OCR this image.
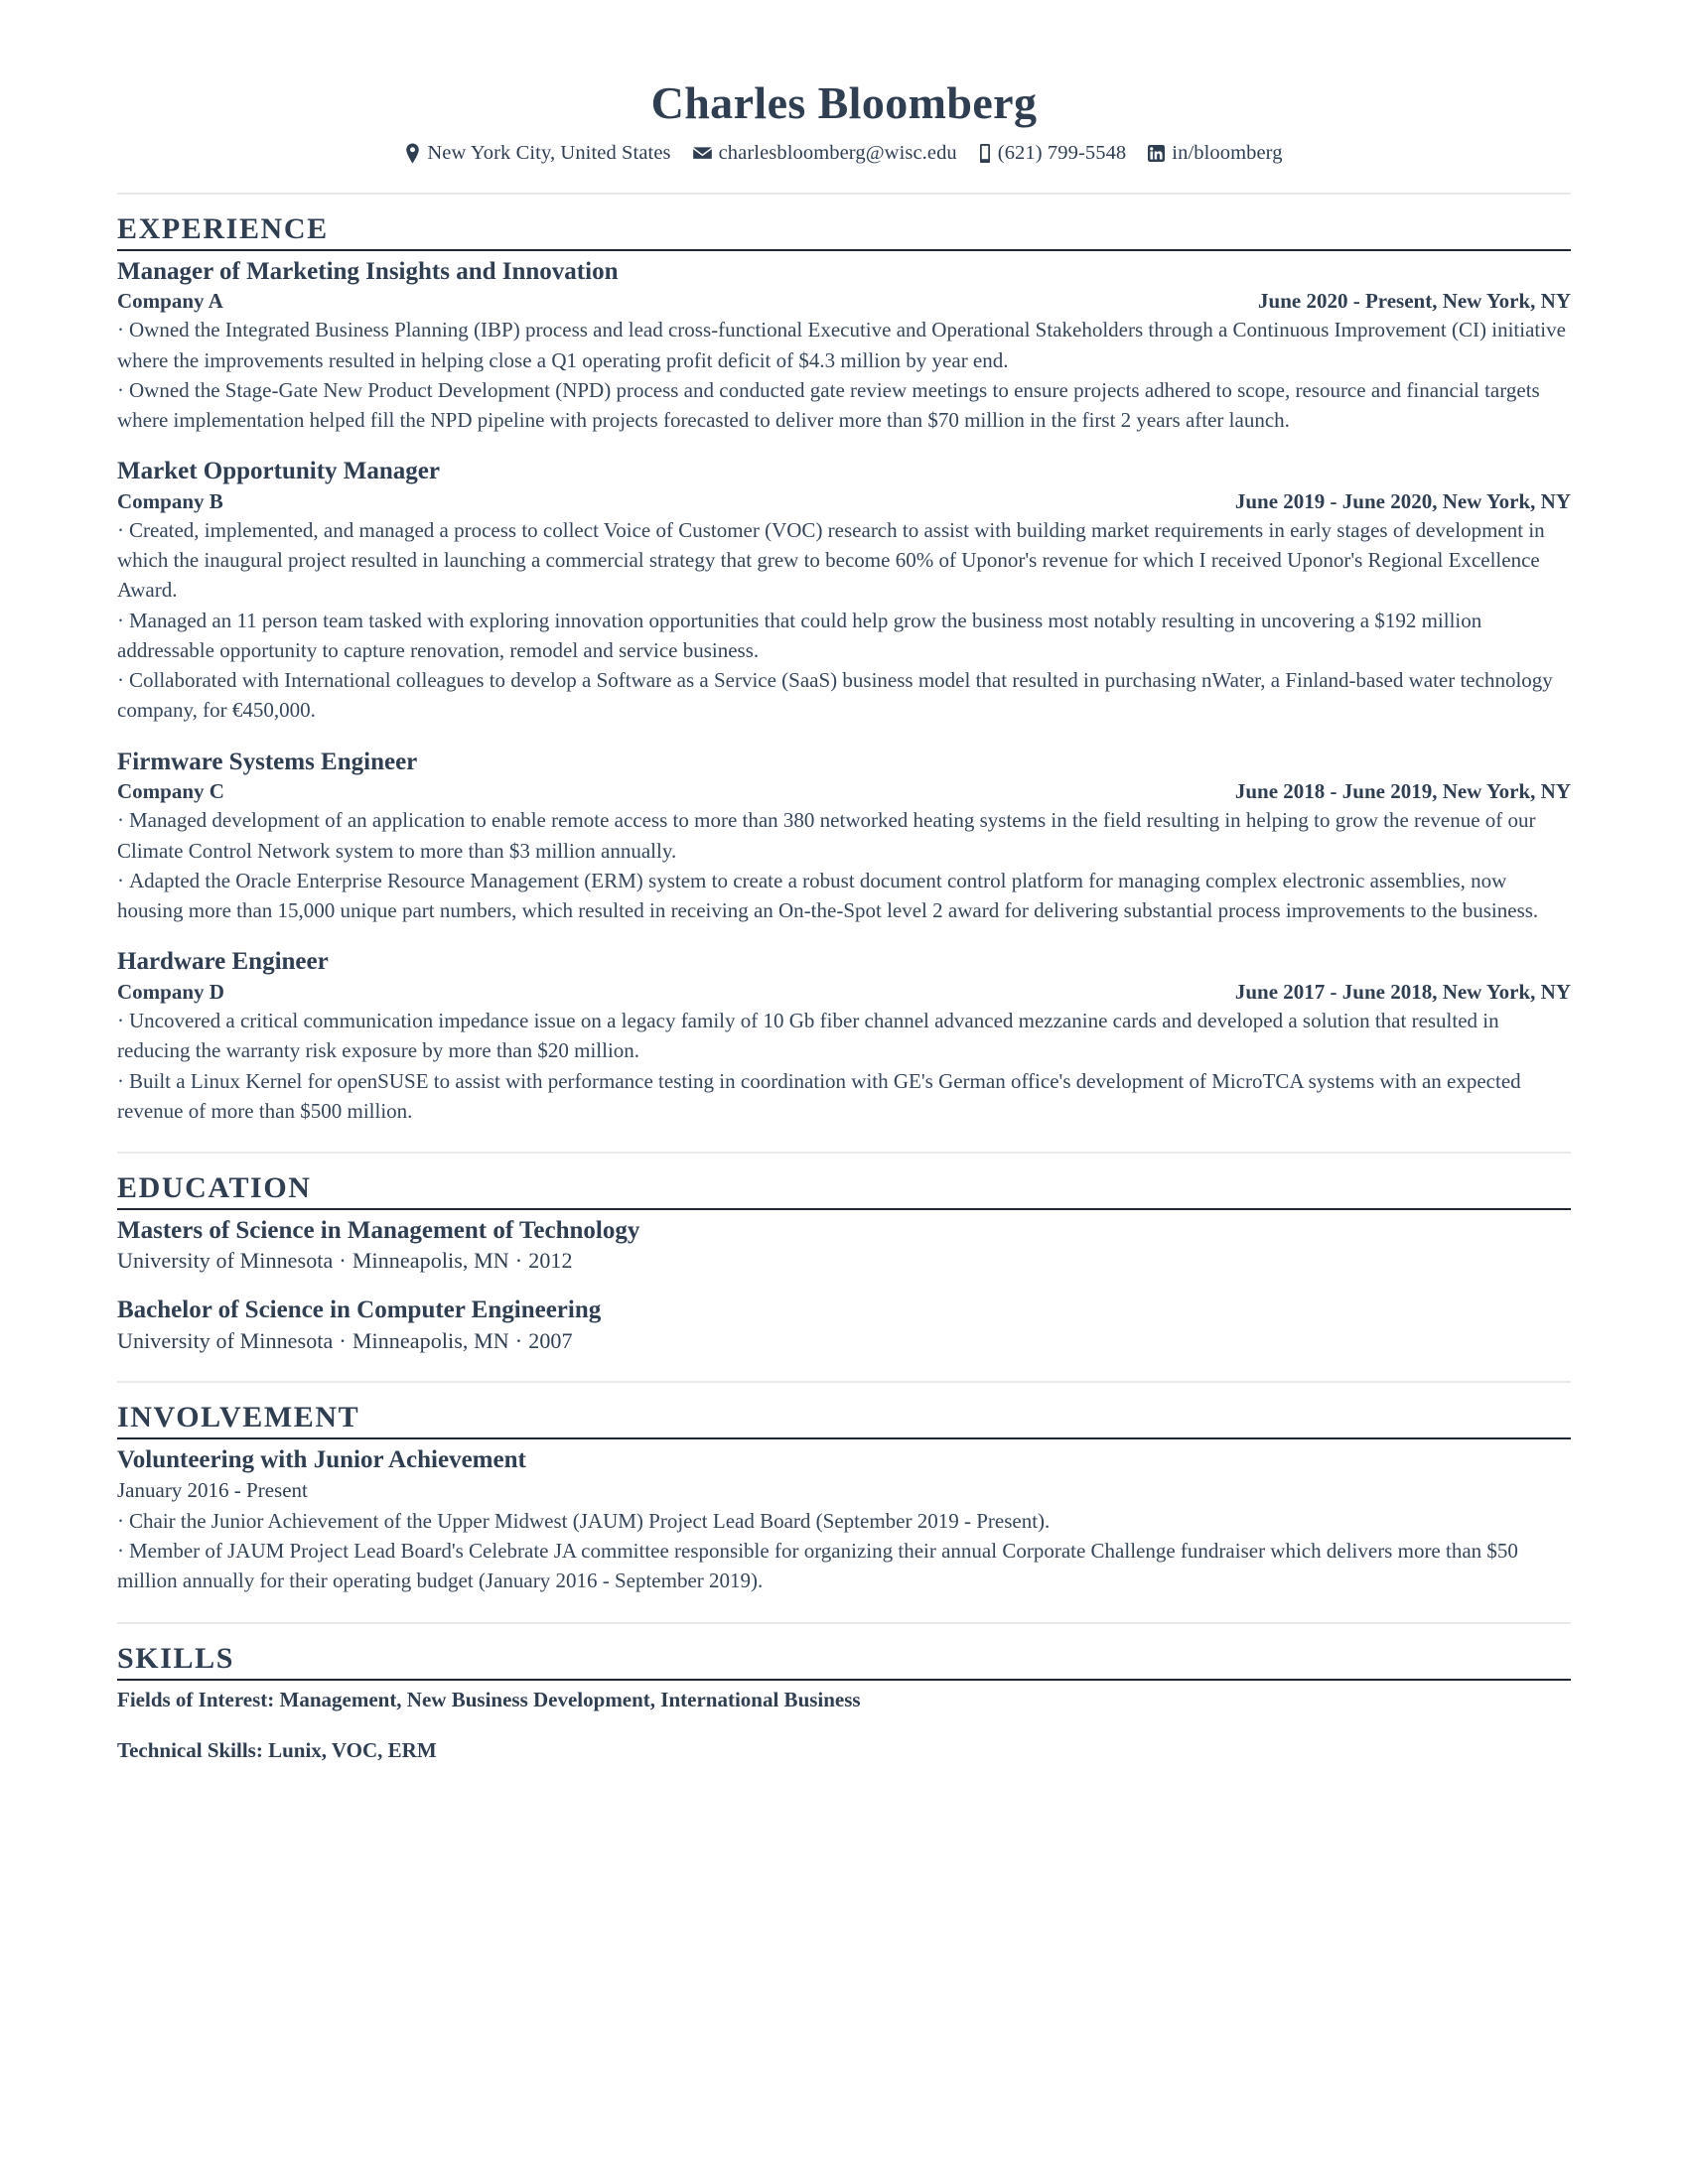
Charles Bloomberg
New York City, United States charlesbloomberg@wisc.edu (621) 799-5548 in/bloomberg
EXPERIENCE
Manager of Marketing Insights and Innovation
Company A	June 2020 - Present, New York, NY
· Owned the Integrated Business Planning (IBP) process and lead cross-functional Executive and Operational Stakeholders through a Continuous Improvement (CI) initiative where the improvements resulted in helping close a Q1 operating profit deficit of $4.3 million by year end.
· Owned the Stage-Gate New Product Development (NPD) process and conducted gate review meetings to ensure projects adhered to scope, resource and financial targets where implementation helped fill the NPD pipeline with projects forecasted to deliver more than $70 million in the first 2 years after launch.
Market Opportunity Manager
Company B	June 2019 - June 2020, New York, NY
· Created, implemented, and managed a process to collect Voice of Customer (VOC) research to assist with building market requirements in early stages of development in which the inaugural project resulted in launching a commercial strategy that grew to become 60% of Uponor's revenue for which I received Uponor's Regional Excellence Award.
· Managed an 11 person team tasked with exploring innovation opportunities that could help grow the business most notably resulting in uncovering a $192 million addressable opportunity to capture renovation, remodel and service business.
· Collaborated with International colleagues to develop a Software as a Service (SaaS) business model that resulted in purchasing nWater, a Finland-based water technology company, for €450,000.
Firmware Systems Engineer
Company C	June 2018 - June 2019, New York, NY
· Managed development of an application to enable remote access to more than 380 networked heating systems in the field resulting in helping to grow the revenue of our Climate Control Network system to more than $3 million annually.
· Adapted the Oracle Enterprise Resource Management (ERM) system to create a robust document control platform for managing complex electronic assemblies, now housing more than 15,000 unique part numbers, which resulted in receiving an On-the-Spot level 2 award for delivering substantial process improvements to the business.
Hardware Engineer
Company D	June 2017 - June 2018, New York, NY
· Uncovered a critical communication impedance issue on a legacy family of 10 Gb fiber channel advanced mezzanine cards and developed a solution that resulted in reducing the warranty risk exposure by more than $20 million.
· Built a Linux Kernel for openSUSE to assist with performance testing in coordination with GE's German office's development of MicroTCA systems with an expected revenue of more than $500 million.
EDUCATION
Masters of Science in Management of Technology
University of Minnesota · Minneapolis, MN · 2012
Bachelor of Science in Computer Engineering
University of Minnesota · Minneapolis, MN · 2007
INVOLVEMENT
Volunteering with Junior Achievement
January 2016 - Present
· Chair the Junior Achievement of the Upper Midwest (JAUM) Project Lead Board (September 2019 - Present).
· Member of JAUM Project Lead Board's Celebrate JA committee responsible for organizing their annual Corporate Challenge fundraiser which delivers more than $50 million annually for their operating budget (January 2016 - September 2019).
SKILLS
Fields of Interest: Management, New Business Development, International Business
Technical Skills: Lunix, VOC, ERM
